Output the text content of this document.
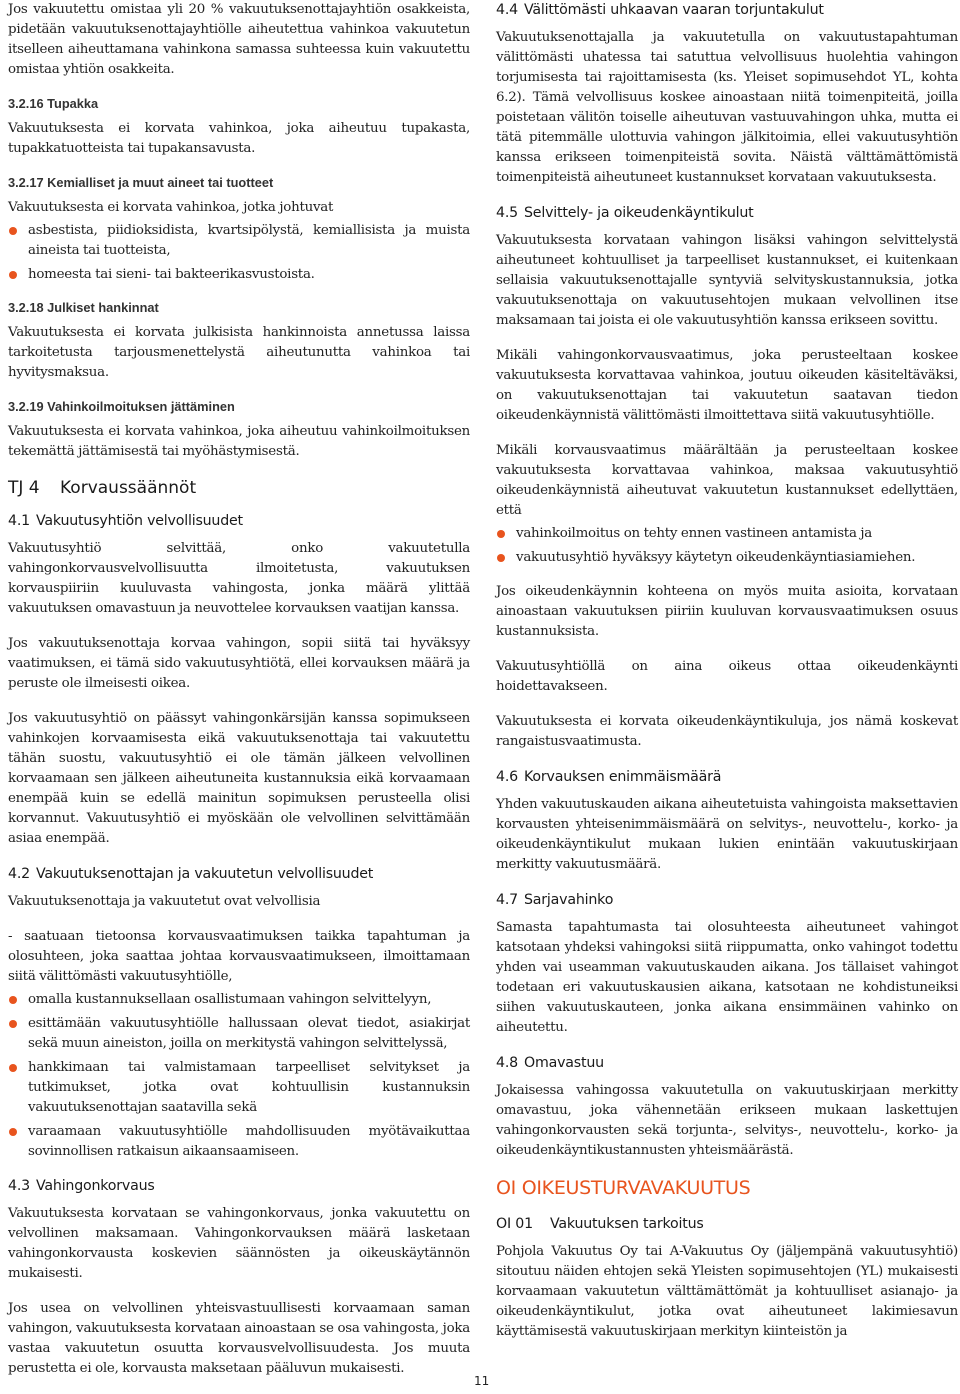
Jos vakuutettu omistaa yli 20 % vakuutuksenottajayhtiön osakkeista, pidetään vakuutuksenottajayhtiölle aiheutettua vahinkoa vakuutetun itselleen aiheuttamana vahinkona samassa suhteessa kuin vakuutettu omistaa yhtiön osakkeita.

3.2.16 Tupakka

Vakuutuksesta ei korvata vahinkoa, joka aiheutuu tupakasta, tupakkatuotteista tai tupakansavusta.

3.2.17 Kemialliset ja muut aineet tai tuotteet

Vakuutuksesta ei korvata vahinkoa, jotka johtuvat

asbestista, piidioksidista, kvartsipölystä, kemiallisista ja muista aineista tai tuotteista,
homeesta tai sieni- tai bakteerikasvustoista.
3.2.18 Julkiset hankinnat

Vakuutuksesta ei korvata julkisista hankinnoista annetussa laissa tarkoitetusta tarjousmenettelystä aiheutunutta vahinkoa tai hyvitysmaksua.

3.2.19 Vahinkoilmoituksen jättäminen

Vakuutuksesta ei korvata vahinkoa, joka aiheutuu vahinkoilmoituksen tekemättä jättämisestä tai myöhästymisestä.

TJ 4 Korvaussäännöt
4.1 Vakuutusyhtiön velvollisuudet

Vakuutusyhtiö selvittää, onko vakuutetulla vahingonkorvausvelvollisuutta ilmoitetusta, vakuutuksen korvauspiiriin kuuluvasta vahingosta, jonka määrä ylittää vakuutuksen omavastuun ja neuvottelee korvauksen vaatijan kanssa.

Jos vakuutuksenottaja korvaa vahingon, sopii siitä tai hyväksyy vaatimuksen, ei tämä sido vakuutusyhtiötä, ellei korvauksen määrä ja peruste ole ilmeisesti oikea.

Jos vakuutusyhtiö on päässyt vahingonkärsijän kanssa sopimukseen vahinkojen korvaamisesta eikä vakuutuksenottaja tai vakuutettu tähän suostu, vakuutusyhtiö ei ole tämän jälkeen velvollinen korvaamaan sen jälkeen aiheutuneita kustannuksia eikä korvaamaan enempää kuin se edellä mainitun sopimuksen perusteella olisi korvannut. Vakuutusyhtiö ei myöskään ole velvollinen selvittämään asiaa enempää.

4.2 Vakuutuksenottajan ja vakuutetun velvollisuudet

Vakuutuksenottaja ja vakuutetut ovat velvollisia

- saatuaan tietoonsa korvausvaatimuksen taikka tapahtuman ja olosuhteen, joka saattaa johtaa korvausvaatimukseen, ilmoittamaan siitä välittömästi vakuutusyhtiölle,

omalla kustannuksellaan osallistumaan vahingon selvittelyyn,
esittämään vakuutusyhtiölle hallussaan olevat tiedot, asiakirjat sekä muun aineiston, joilla on merkitystä vahingon selvittelyssä,
hankkimaan tai valmistamaan tarpeelliset selvitykset ja tutkimukset, jotka ovat kohtuullisin kustannuksin vakuutuksenottajan saatavilla sekä
varaamaan vakuutusyhtiölle mahdollisuuden myötävaikuttaa sovinnollisen ratkaisun aikaansaamiseen.
4.3 Vahingonkorvaus

Vakuutuksesta korvataan se vahingonkorvaus, jonka vakuutettu on velvollinen maksamaan. Vahingonkorvauksen määrä lasketaan vahingonkorvausta koskevien säännösten ja oikeuskäytännön mukaisesti.

Jos usea on velvollinen yhteisvastuullisesti korvaamaan saman vahingon, vakuutuksesta korvataan ainoastaan se osa vahingosta, joka vastaa vakuutetun osuutta korvausvelvollisuudesta. Jos muuta perustetta ei ole, korvausta maksetaan pääluvun mukaisesti.

4.4 Välittömästi uhkaavan vaaran torjuntakulut

Vakuutuksenottajalla ja vakuutetulla on vakuutustapahtuman välittömästi uhatessa tai satuttua velvollisuus huolehtia vahingon torjumisesta tai rajoittamisesta (ks. Yleiset sopimusehdot YL, kohta 6.2). Tämä velvollisuus koskee ainoastaan niitä toimenpiteitä, joilla poistetaan välitön toiselle aiheutuvan vastuuvahingon uhka, mutta ei tätä pitemmälle ulottuvia vahingon jälkitoimia, ellei vakuutusyhtiön kanssa erikseen toimenpiteistä sovita. Näistä välttämättömistä toimenpiteistä aiheutuneet kustannukset korvataan vakuutuksesta.

4.5 Selvittely- ja oikeudenkäyntikulut

Vakuutuksesta korvataan vahingon lisäksi vahingon selvittelystä aiheutuneet kohtuulliset ja tarpeelliset kustannukset, ei kuitenkaan sellaisia vakuutuksenottajalle syntyviä selvityskustannuksia, jotka vakuutuksenottaja on vakuutusehtojen mukaan velvollinen itse maksamaan tai joista ei ole vakuutusyhtiön kanssa erikseen sovittu.

Mikäli vahingonkorvausvaatimus, joka perusteeltaan koskee vakuutuksesta korvattavaa vahinkoa, joutuu oikeuden käsiteltäväksi, on vakuutuksenottajan tai vakuutetun saatavan tiedon oikeudenkäynnistä välittömästi ilmoittettava siitä vakuutusyhtiölle.

Mikäli korvausvaatimus määrältään ja perusteeltaan koskee vakuutuksesta korvattavaa vahinkoa, maksaa vakuutusyhtiö oikeudenkäynnistä aiheutuvat vakuutetun kustannukset edellyttäen, että

vahinkoilmoitus on tehty ennen vastineen antamista ja
vakuutusyhtiö hyväksyy käytetyn oikeudenkäyntiasiamiehen.

Jos oikeudenkäynnin kohteena on myös muita asioita, korvataan ainoastaan vakuutuksen piiriin kuuluvan korvausvaatimuksen osuus kustannuksista.

Vakuutusyhtiöllä on aina oikeus ottaa oikeudenkäynti hoidettavakseen.

Vakuutuksesta ei korvata oikeudenkäyntikuluja, jos nämä koskevat rangaistusvaatimusta.

4.6 Korvauksen enimmäismäärä

Yhden vakuutuskauden aikana aiheutetuista vahingoista maksettavien korvausten yhteisenimmäismäärä on selvitys-, neuvottelu-, korko- ja oikeudenkäyntikulut mukaan lukien enintään vakuutuskirjaan merkitty vakuutusmäärä.

4.7 Sarjavahinko

Samasta tapahtumasta tai olosuhteesta aiheutuneet vahingot katsotaan yhdeksi vahingoksi siitä riippumatta, onko vahingot todettu yhden vai useamman vakuutuskauden aikana. Jos tällaiset vahingot todetaan eri vakuutuskausien aikana, katsotaan ne kohdistuneiksi siihen vakuutuskauteen, jonka aikana ensimmäinen vahinko on aiheutettu.

4.8 Omavastuu

Jokaisessa vahingossa vakuutetulla on vakuutuskirjaan merkitty omavastuu, joka vähennetään erikseen mukaan laskettujen vahingonkorvausten sekä torjunta-, selvitys-, neuvottelu-, korko- ja oikeudenkäyntikustannusten yhteismäärästä.

OI OIKEUSTURVAVAKUUTUS
OI 01 Vakuutuksen tarkoitus

Pohjola Vakuutus Oy tai A-Vakuutus Oy (jäljempänä vakuutusyhtiö) sitoutuu näiden ehtojen sekä Yleisten sopimusehtojen (YL) mukaisesti korvaamaan vakuutetun välttämättömät ja kohtuulliset asianajo- ja oikeudenkäyntikulut, jotka ovat aiheutuneet lakimiesavun käyttämisestä vakuutuskirjaan merkityn kiinteistön ja

11
